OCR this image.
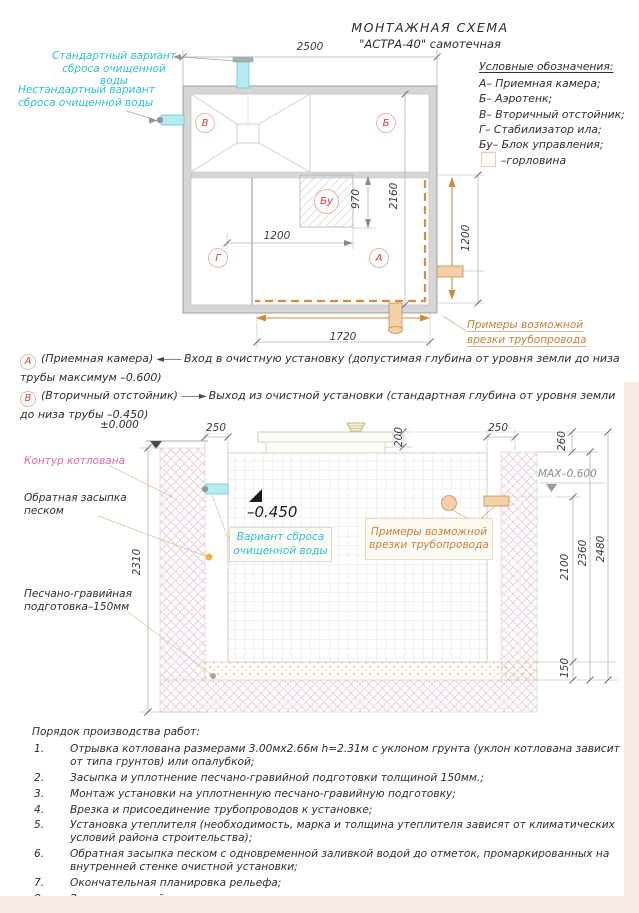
МОНТАЖНАЯ СХЕМА
"АСТРА-40" самотечная
Стандартный вариант сброса очищенной воды
Нестандартный вариант сброса очищенной воды
Условные обозначения:
А– Приемная камера;
Б– Аэротенк;
В– Вторичный отстойник;
Г– Стабилизатор ила;
Бу– Блок управления;
–горловина
2500
970 2160
1200	1200
1720
В	Б
Бу
Г	А
Примеры возможной врезки трубопровода
А (Приемная камера) ◄—— Вход в очистную установку (допустимая глубина от уровня земли до низа трубы максимум –0.600)
В (Вторичный отстойник) ——► Выход из очистной установки (стандартная глубина от уровня земли до низа трубы –0.450)
±0.000	250	200	250
260
MAX–0.600
–0.450
2310	2100
150
2360 2480
Контур котлована
Обратная засыпка песком
Песчано-гравийная подготовка–150мм
Вариант сброса очищенной воды
Примеры возможной врезки трубопровода
Порядок производства работ:
1.	Отрывка котлована размерами 3.00мх2.66м h=2.31м с уклоном грунта (уклон котлована зависит от типа грунтов) или опалубкой;
2.	Засыпка и уплотнение песчано-гравийной подготовки толщиной 150мм.;
3.	Монтаж установки на уплотненную песчано-гравийную подготовку;
4.	Врезка и присоединение трубопроводов к установке;
5.	Установка утеплителя (необходимость, марка и толщина утеплителя зависят от климатических условий района строительства);
6.	Обратная засыпка песком с одновременной заливкой водой до отметок, промаркированных на внутренней стенке очистной установки;
7.	Окончательная планировка рельефа;
